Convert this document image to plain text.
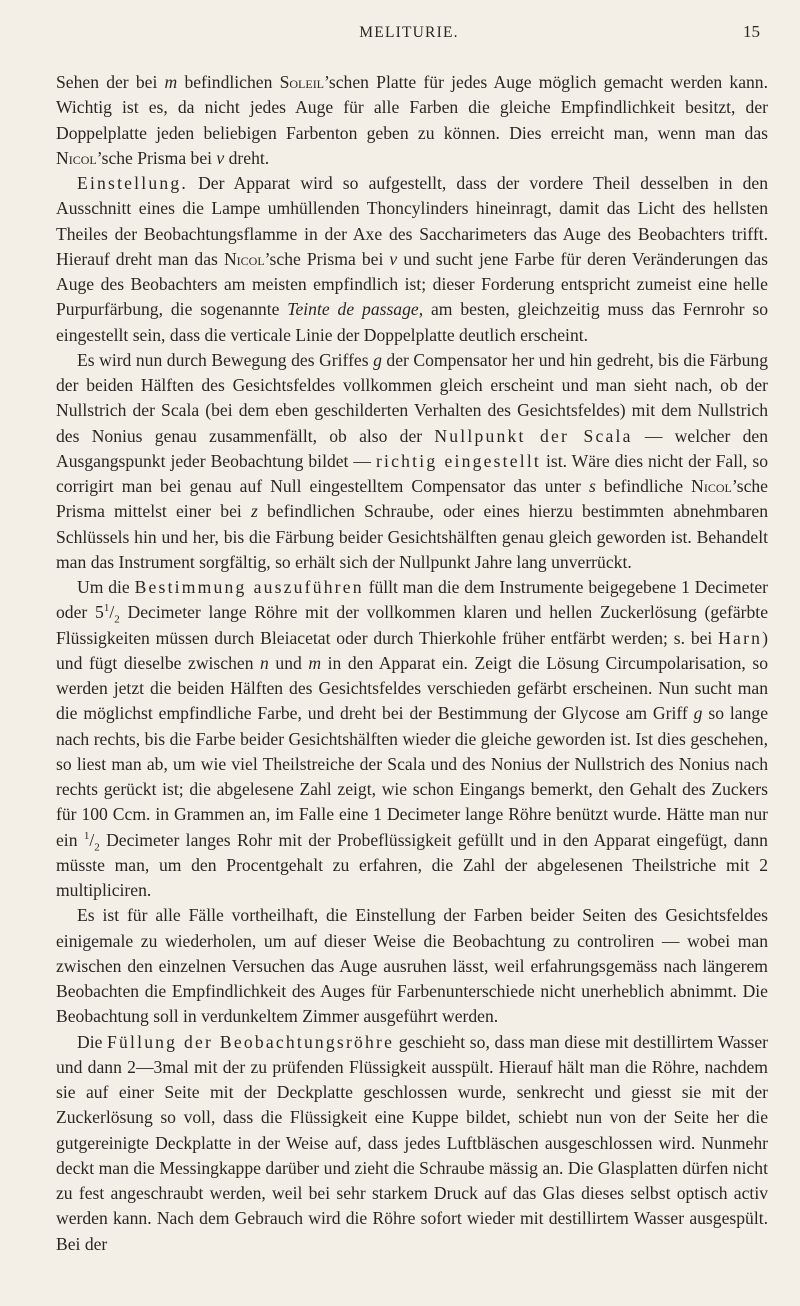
MELITURIE.	15

Sehen der bei m befindlichen Soleil’schen Platte für jedes Auge möglich gemacht werden kann. Wichtig ist es, da nicht jedes Auge für alle Farben die gleiche Empfindlichkeit besitzt, der Doppelplatte jeden beliebigen Farbenton geben zu können. Dies erreicht man, wenn man das Nicol’sche Prisma bei v dreht.

Einstellung. Der Apparat wird so aufgestellt, dass der vordere Theil desselben in den Ausschnitt eines die Lampe umhüllenden Thoncylinders hineinragt, damit das Licht des hellsten Theiles der Beobachtungsflamme in der Axe des Saccharimeters das Auge des Beobachters trifft. Hierauf dreht man das Nicol’sche Prisma bei v und sucht jene Farbe für deren Veränderungen das Auge des Beobachters am meisten empfindlich ist; dieser Forderung entspricht zumeist eine helle Purpurfärbung, die sogenannte Teinte de passage, am besten, gleichzeitig muss das Fernrohr so eingestellt sein, dass die verticale Linie der Doppelplatte deutlich erscheint.

Es wird nun durch Bewegung des Griffes g der Compensator her und hin gedreht, bis die Färbung der beiden Hälften des Gesichtsfeldes vollkommen gleich erscheint und man sieht nach, ob der Nullstrich der Scala (bei dem eben geschilderten Verhalten des Gesichtsfeldes) mit dem Nullstrich des Nonius genau zusammenfällt, ob also der Nullpunkt der Scala — welcher den Ausgangspunkt jeder Beobachtung bildet — richtig eingestellt ist. Wäre dies nicht der Fall, so corrigirt man bei genau auf Null eingestelltem Compensator das unter s befindliche Nicol’sche Prisma mittelst einer bei z befindlichen Schraube, oder eines hierzu bestimmten abnehmbaren Schlüssels hin und her, bis die Färbung beider Gesichtshälften genau gleich geworden ist. Behandelt man das Instrument sorgfältig, so erhält sich der Nullpunkt Jahre lang unverrückt.

Um die Bestimmung auszuführen füllt man die dem Instrumente beigegebene 1 Decimeter oder $5^1/_2$ Decimeter lange Röhre mit der vollkommen klaren und hellen Zuckerlösung (gefärbte Flüssigkeiten müssen durch Bleiacetat oder durch Thierkohle früher entfärbt werden; s. bei Harn) und fügt dieselbe zwischen n und m in den Apparat ein. Zeigt die Lösung Circumpolarisation, so werden jetzt die beiden Hälften des Gesichtsfeldes verschieden gefärbt erscheinen. Nun sucht man die möglichst empfindliche Farbe, und dreht bei der Bestimmung der Glycose am Griff g so lange nach rechts, bis die Farbe beider Gesichtshälften wieder die gleiche geworden ist. Ist dies geschehen, so liest man ab, um wie viel Theilstreiche der Scala und des Nonius der Nullstrich des Nonius nach rechts gerückt ist; die abgelesene Zahl zeigt, wie schon Eingangs bemerkt, den Gehalt des Zuckers für 100 Ccm. in Grammen an, im Falle eine 1 Decimeter lange Röhre benützt wurde. Hätte man nur ein $^1/_2$ Decimeter langes Rohr mit der Probeflüssigkeit gefüllt und in den Apparat eingefügt, dann müsste man, um den Procentgehalt zu erfahren, die Zahl der abgelesenen Theilstriche mit 2 multipliciren.

Es ist für alle Fälle vortheilhaft, die Einstellung der Farben beider Seiten des Gesichtsfeldes einigemale zu wiederholen, um auf dieser Weise die Beobachtung zu controliren — wobei man zwischen den einzelnen Versuchen das Auge ausruhen lässt, weil erfahrungsgemäss nach längerem Beobachten die Empfindlichkeit des Auges für Farbenunterschiede nicht unerheblich abnimmt. Die Beobachtung soll in verdunkeltem Zimmer ausgeführt werden.

Die Füllung der Beobachtungsröhre geschieht so, dass man diese mit destillirtem Wasser und dann 2—3mal mit der zu prüfenden Flüssigkeit ausspült. Hierauf hält man die Röhre, nachdem sie auf einer Seite mit der Deckplatte geschlossen wurde, senkrecht und giesst sie mit der Zuckerlösung so voll, dass die Flüssigkeit eine Kuppe bildet, schiebt nun von der Seite her die gutgereinigte Deckplatte in der Weise auf, dass jedes Luftbläschen ausgeschlossen wird. Nunmehr deckt man die Messingkappe darüber und zieht die Schraube mässig an. Die Glasplatten dürfen nicht zu fest angeschraubt werden, weil bei sehr starkem Druck auf das Glas dieses selbst optisch activ werden kann. Nach dem Gebrauch wird die Röhre sofort wieder mit destillirtem Wasser ausgespült. Bei der
